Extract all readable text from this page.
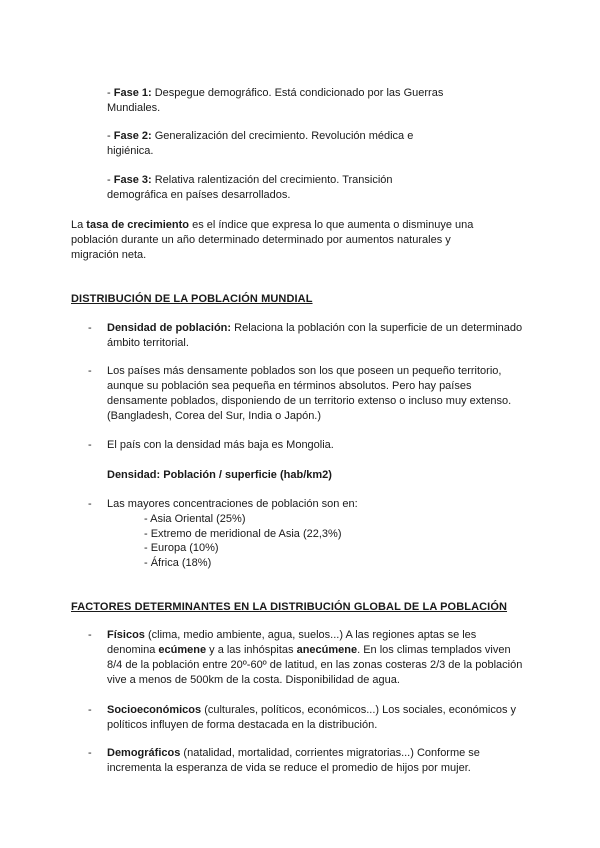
- Fase 1: Despegue demográfico. Está condicionado por las Guerras
Mundiales.
- Fase 2: Generalización del crecimiento. Revolución médica e
higiénica.
- Fase 3: Relativa ralentización del crecimiento. Transición
demográfica en países desarrollados.
La tasa de crecimiento es el índice que expresa lo que aumenta o disminuye una
población durante un año determinado determinado por aumentos naturales y
migración neta.
DISTRIBUCIÓN DE LA POBLACIÓN MUNDIAL
- Densidad de población: Relaciona la población con la superficie de un determinado
ámbito territorial.
- Los países más densamente poblados son los que poseen un pequeño territorio,
aunque su población sea pequeña en términos absolutos. Pero hay países
densamente poblados, disponiendo de un territorio extenso o incluso muy extenso.
(Bangladesh, Corea del Sur, India o Japón.)
- El país con la densidad más baja es Mongolia.
Densidad: Población / superficie (hab/km2)
- Las mayores concentraciones de población son en:
- Asia Oriental (25%)
- Extremo de meridional de Asia (22,3%)
- Europa (10%)
- África (18%)
FACTORES DETERMINANTES EN LA DISTRIBUCIÓN GLOBAL DE LA POBLACIÓN
- Físicos (clima, medio ambiente, agua, suelos...) A las regiones aptas se les
denomina ecúmene y a las inhóspitas anecúmene. En los climas templados viven
8/4 de la población entre 20º-60º de latitud, en las zonas costeras 2/3 de la población
vive a menos de 500km de la costa. Disponibilidad de agua.
- Socioeconómicos (culturales, políticos, económicos...) Los sociales, económicos y
políticos influyen de forma destacada en la distribución.
- Demográficos (natalidad, mortalidad, corrientes migratorias...) Conforme se
incrementa la esperanza de vida se reduce el promedio de hijos por mujer.
